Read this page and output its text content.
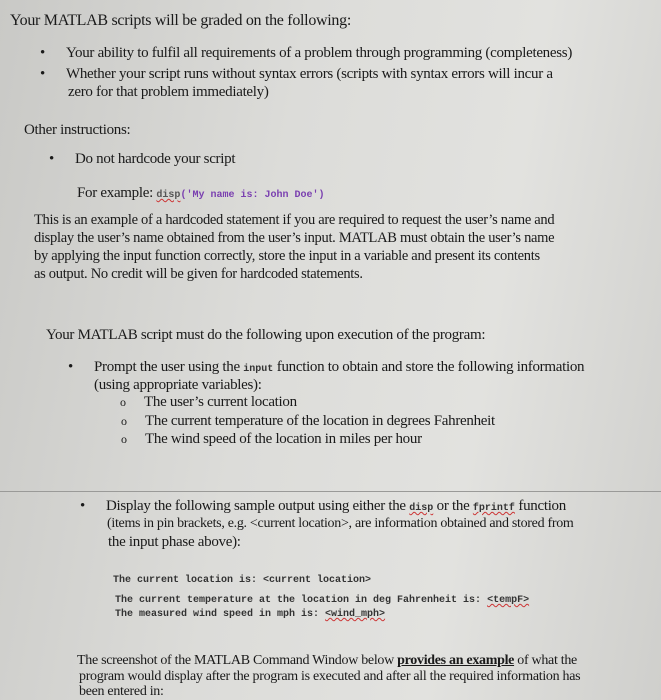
Your MATLAB scripts will be graded on the following:
• Your ability to fulfil all requirements of a problem through programming (completeness)
• Whether your script runs without syntax errors (scripts with syntax errors will incur a
zero for that problem immediately)
Other instructions:
• Do not hardcode your script
For example: disp('My name is: John Doe')
This is an example of a hardcoded statement if you are required to request the user’s name and
display the user’s name obtained from the user’s input. MATLAB must obtain the user’s name
by applying the input function correctly, store the input in a variable and present its contents
as output. No credit will be given for hardcoded statements.
Your MATLAB script must do the following upon execution of the program:
• Prompt the user using the input function to obtain and store the following information
(using appropriate variables):
o The user’s current location
o The current temperature of the location in degrees Fahrenheit
o The wind speed of the location in miles per hour
• Display the following sample output using either the disp or the fprintf function
(items in pin brackets, e.g. <current location>, are information obtained and stored from
the input phase above):
The current location is: <current location>
The current temperature at the location in deg Fahrenheit is: <tempF>
The measured wind speed in mph is: <wind_mph>
The screenshot of the MATLAB Command Window below provides an example of what the
program would display after the program is executed and after all the required information has
been entered in:
